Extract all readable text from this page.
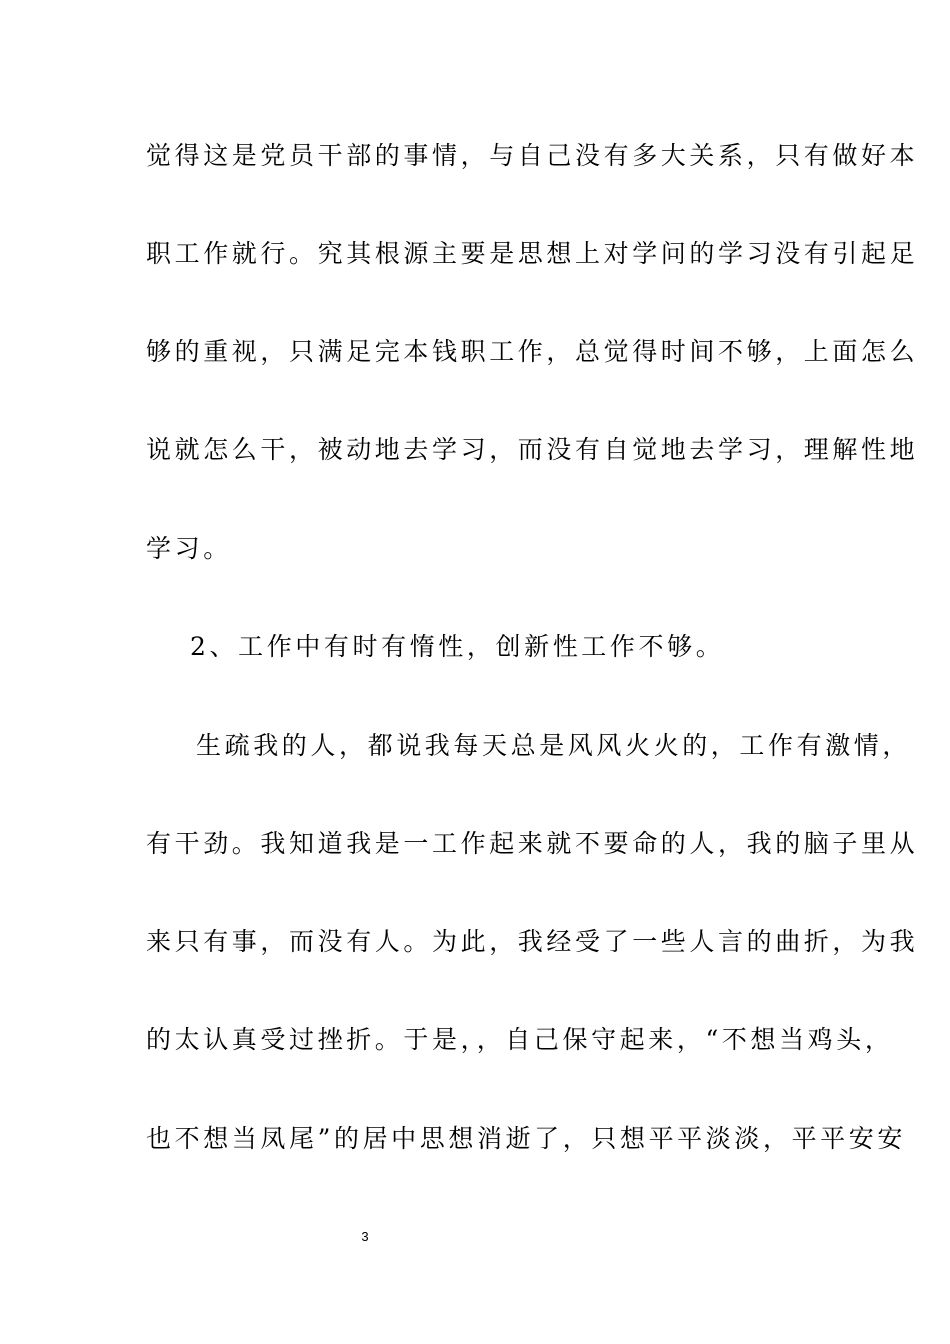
觉得这是党员干部的事情，与自己没有多大关系，只有做好本
职工作就行。究其根源主要是思想上对学问的学习没有引起足
够的重视，只满足完本钱职工作，总觉得时间不够，上面怎么
说就怎么干，被动地去学习，而没有自觉地去学习，理解性地
学习。
2、工作中有时有惰性，创新性工作不够。
生疏我的人，都说我每天总是风风火火的，工作有激情，
有干劲。我知道我是一工作起来就不要命的人，我的脑子里从
来只有事，而没有人。为此，我经受了一些人言的曲折，为我
的太认真受过挫折。于是，，自己保守起来，“不想当鸡头，
也不想当凤尾”的居中思想消逝了，只想平平淡淡，平平安安
3
